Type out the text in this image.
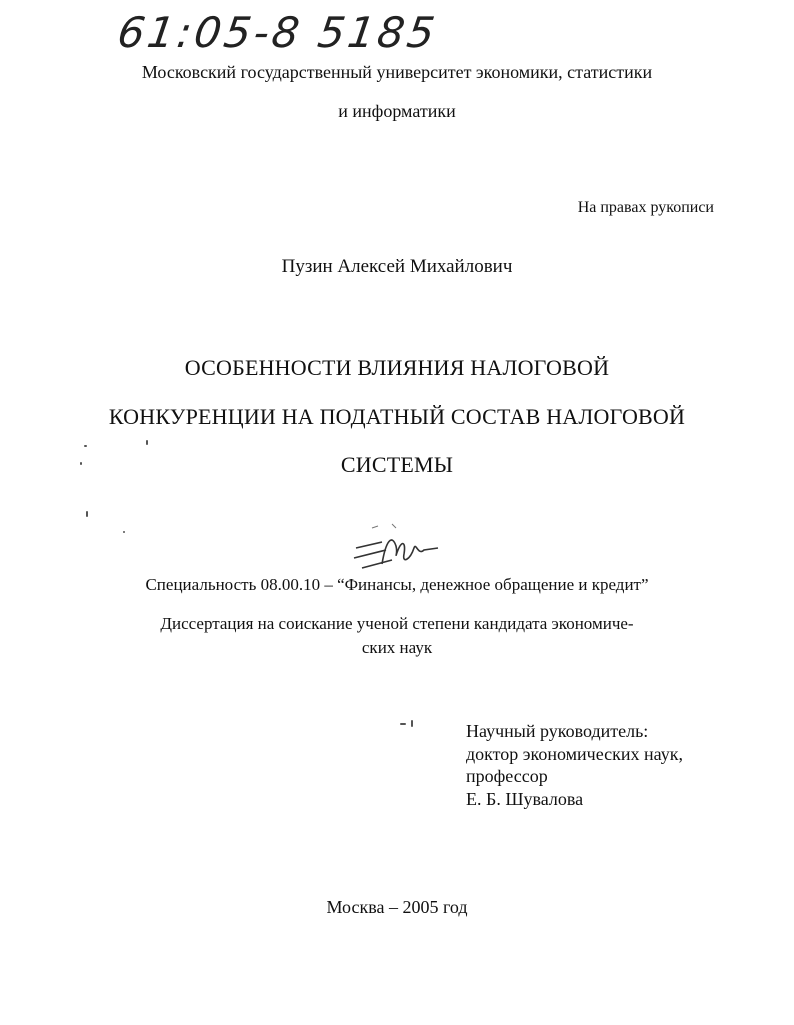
61:05-8 5185
Московский государственный университет экономики, статистики
и информатики
На правах рукописи
Пузин Алексей Михайлович
ОСОБЕННОСТИ ВЛИЯНИЯ НАЛОГОВОЙ
КОНКУРЕНЦИИ НА ПОДАТНЫЙ СОСТАВ НАЛОГОВОЙ
СИСТЕМЫ
Специальность 08.00.10 – “Финансы, денежное обращение и кредит”
Диссертация на соискание ученой степени кандидата экономиче-
ских наук
Научный руководитель:
доктор экономических наук,
профессор
Е. Б. Шувалова
Москва – 2005 год
